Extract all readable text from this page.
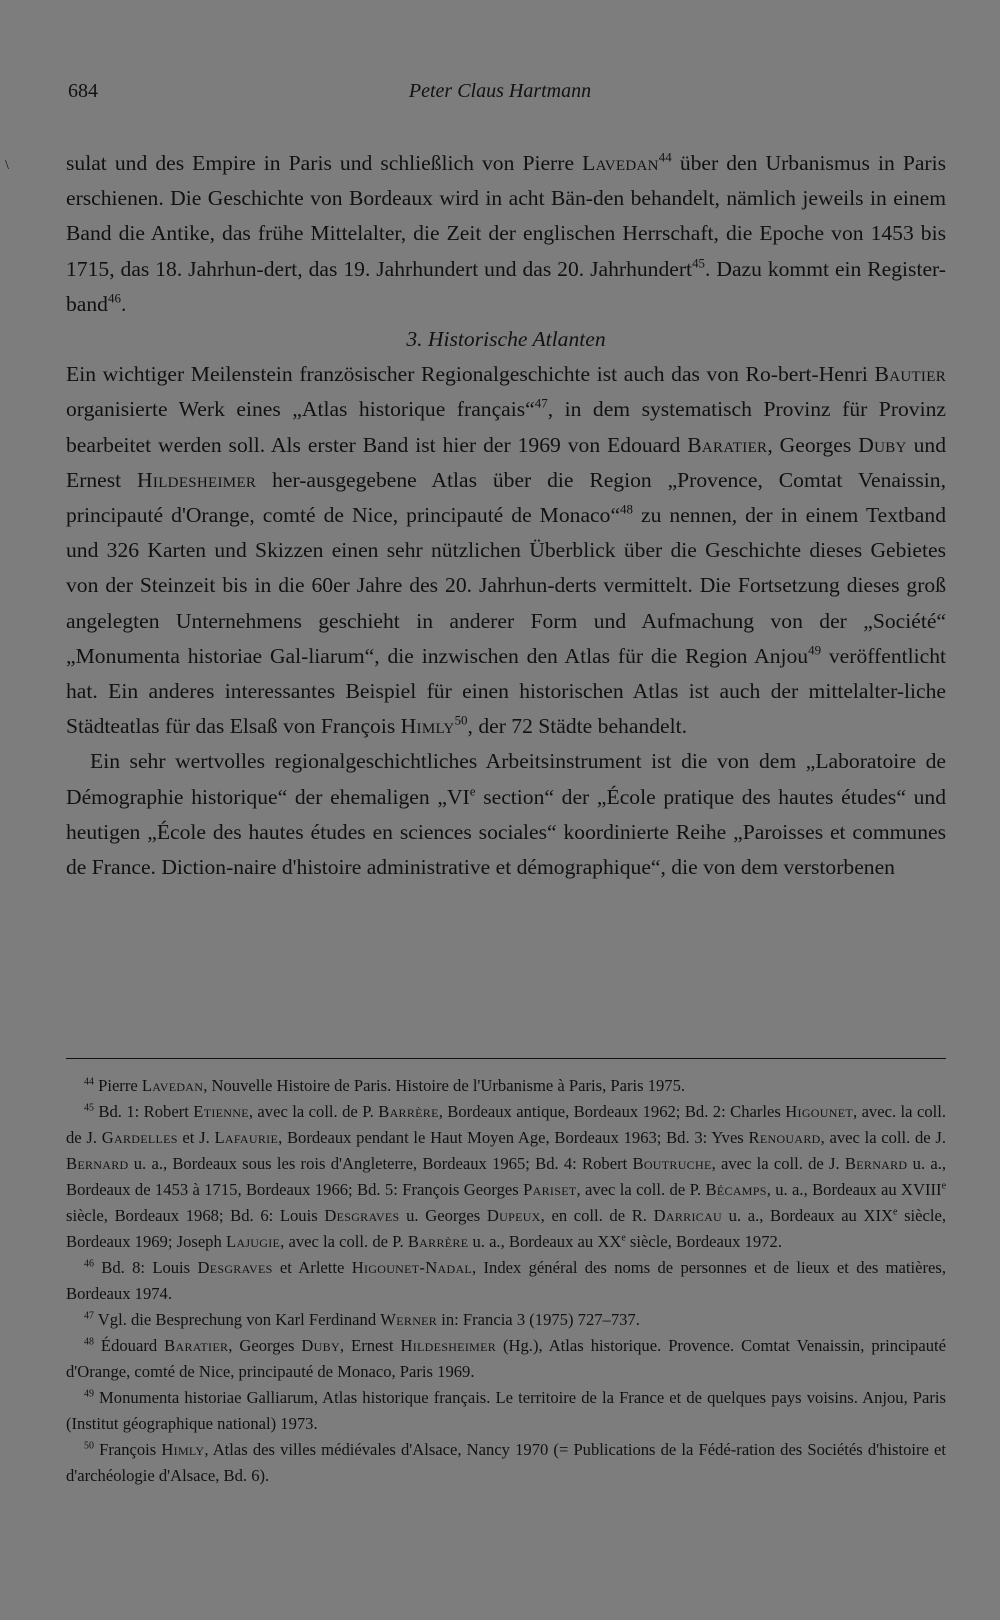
684	Peter Claus Hartmann
\	sulat und des Empire in Paris und schließlich von Pierre Lavedan$^{44}$ über den Urbanismus in Paris erschienen. Die Geschichte von Bordeaux wird in acht Bän-den behandelt, nämlich jeweils in einem Band die Antike, das frühe Mittelalter, die Zeit der englischen Herrschaft, die Epoche von 1453 bis 1715, das 18. Jahrhun-dert, das 19. Jahrhundert und das 20. Jahrhundert$^{45}$. Dazu kommt ein Register-band$^{46}$.

3. Historische Atlanten

Ein wichtiger Meilenstein französischer Regionalgeschichte ist auch das von Ro-bert-Henri Bautier organisierte Werk eines „Atlas historique français“$^{47}$, in dem systematisch Provinz für Provinz bearbeitet werden soll. Als erster Band ist hier der 1969 von Edouard Baratier, Georges Duby und Ernest Hildesheimer her-ausgegebene Atlas über die Region „Provence, Comtat Venaissin, principauté d'Orange, comté de Nice, principauté de Monaco“$^{48}$ zu nennen, der in einem Textband und 326 Karten und Skizzen einen sehr nützlichen Überblick über die Geschichte dieses Gebietes von der Steinzeit bis in die 60er Jahre des 20. Jahrhun-derts vermittelt. Die Fortsetzung dieses groß angelegten Unternehmens geschieht in anderer Form und Aufmachung von der „Société“ „Monumenta historiae Gal-liarum“, die inzwischen den Atlas für die Region Anjou$^{49}$ veröffentlicht hat. Ein anderes interessantes Beispiel für einen historischen Atlas ist auch der mittelalter-liche Städteatlas für das Elsaß von François Himly$^{50}$, der 72 Städte behandelt.

Ein sehr wertvolles regionalgeschichtliches Arbeitsinstrument ist die von dem „Laboratoire de Démographie historique“ der ehemaligen „VIe section“ der „École pratique des hautes études“ und heutigen „École des hautes études en sciences sociales“ koordinierte Reihe „Paroisses et communes de France. Diction-naire d'histoire administrative et démographique“, die von dem verstorbenen

$^{44}$ Pierre Lavedan, Nouvelle Histoire de Paris. Histoire de l'Urbanisme à Paris, Paris 1975.

$^{45}$ Bd. 1: Robert Etienne, avec la coll. de P. Barrère, Bordeaux antique, Bordeaux 1962; Bd. 2: Charles Higounet, avec. la coll. de J. Gardelles et J. Lafaurie, Bordeaux pendant le Haut Moyen Age, Bordeaux 1963; Bd. 3: Yves Renouard, avec la coll. de J. Bernard u. a., Bordeaux sous les rois d'Angleterre, Bordeaux 1965; Bd. 4: Robert Boutruche, avec la coll. de J. Bernard u. a., Bordeaux de 1453 à 1715, Bordeaux 1966; Bd. 5: François Georges Pariset, avec la coll. de P. Bécamps, u. a., Bordeaux au XVIIIe siècle, Bordeaux 1968; Bd. 6: Louis Desgraves u. Georges Dupeux, en coll. de R. Darricau u. a., Bordeaux au XIXe siècle, Bordeaux 1969; Joseph Lajugie, avec la coll. de P. Barrère u. a., Bordeaux au XXe siècle, Bordeaux 1972.

$^{46}$ Bd. 8: Louis Desgraves et Arlette Higounet-Nadal, Index général des noms de personnes et de lieux et des matières, Bordeaux 1974.

$^{47}$ Vgl. die Besprechung von Karl Ferdinand Werner in: Francia 3 (1975) 727–737.

$^{48}$ Édouard Baratier, Georges Duby, Ernest Hildesheimer (Hg.), Atlas historique. Provence. Comtat Venaissin, principauté d'Orange, comté de Nice, principauté de Monaco, Paris 1969.

$^{49}$ Monumenta historiae Galliarum, Atlas historique français. Le territoire de la France et de quelques pays voisins. Anjou, Paris (Institut géographique national) 1973.

$^{50}$ François Himly, Atlas des villes médiévales d'Alsace, Nancy 1970 (= Publications de la Fédé-ration des Sociétés d'histoire et d'archéologie d'Alsace, Bd. 6).
